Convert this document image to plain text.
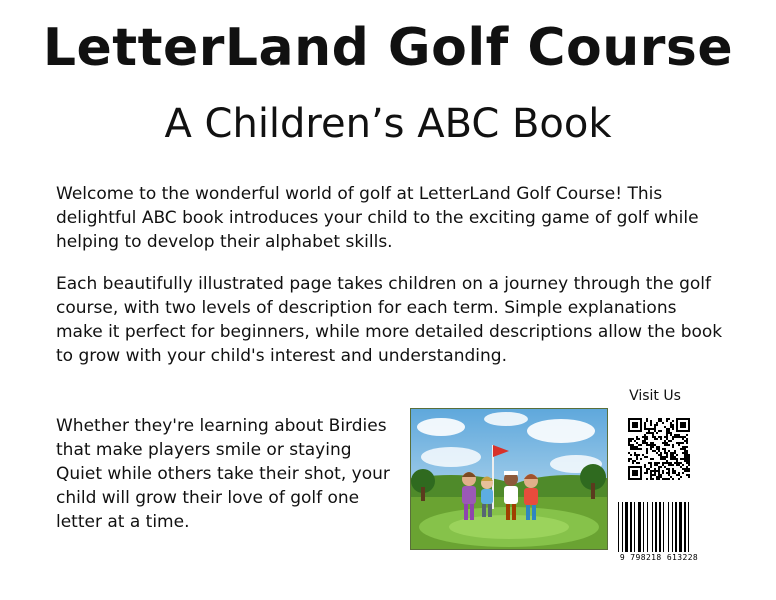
LetterLand Golf Course
A Children’s ABC Book

Welcome to the wonderful world of golf at LetterLand Golf Course! This delightful ABC book introduces your child to the exciting game of golf while helping to develop their alphabet skills.

Each beautifully illustrated page takes children on a journey through the golf course, with two levels of description for each term. Simple explanations make it perfect for beginners, while more detailed descriptions allow the book to grow with your child's interest and understanding.

Whether they're learning about Birdies that make players smile or staying Quiet while others take their shot, your child will grow their love of golf one letter at a time.

Visit Us
9 798218 613228
